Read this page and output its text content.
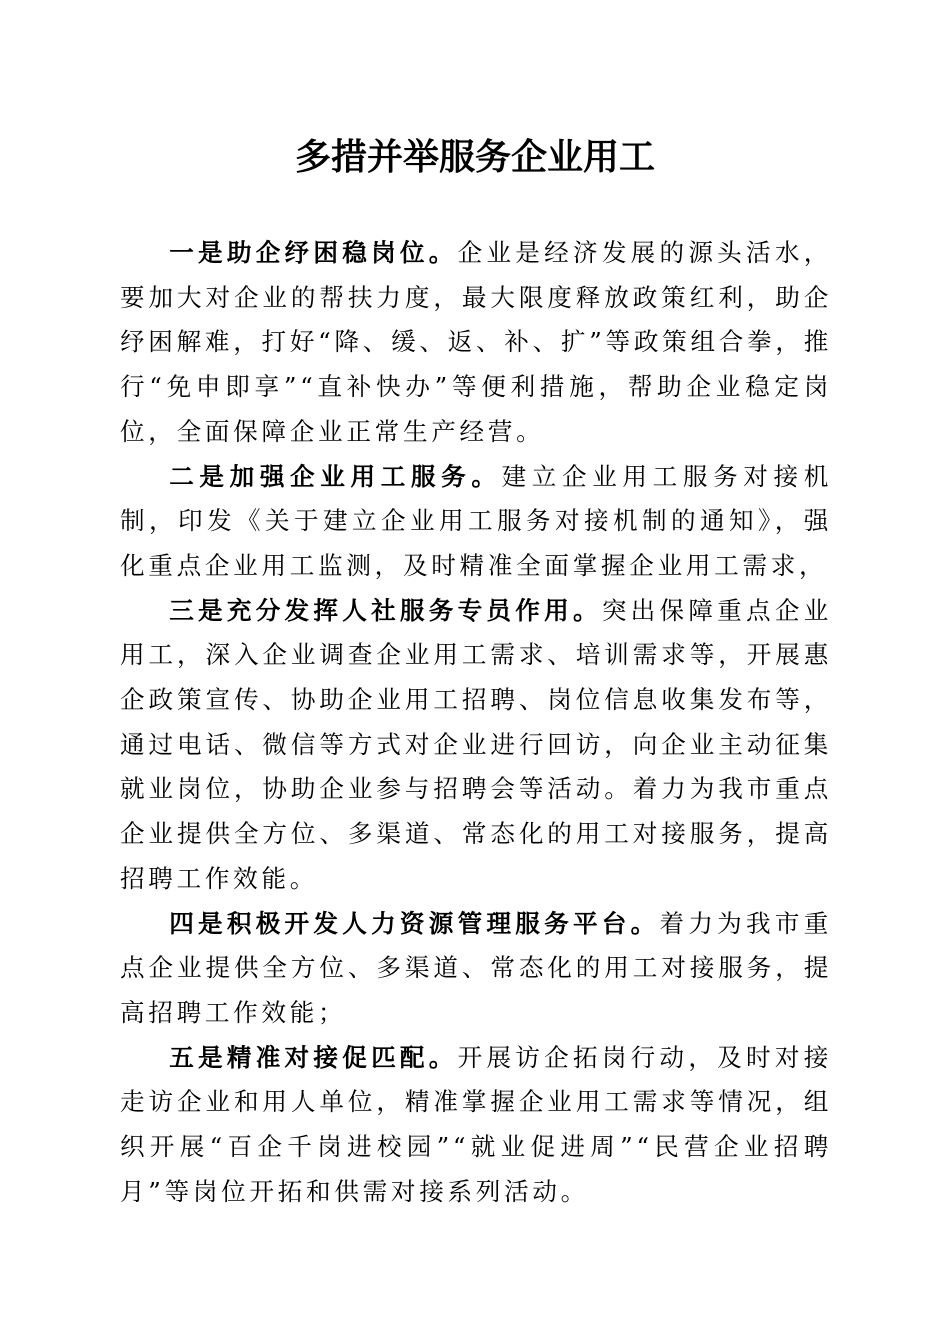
多措并举服务企业用工

一是助企纾困稳岗位。企业是经济发展的源头活水，要加大对企业的帮扶力度，最大限度释放政策红利，助企纾困解难，打好“降、缓、返、补、扩”等政策组合拳，推行“免申即享”“直补快办”等便利措施，帮助企业稳定岗位，全面保障企业正常生产经营。

二是加强企业用工服务。建立企业用工服务对接机制，印发《关于建立企业用工服务对接机制的通知》，强化重点企业用工监测，及时精准全面掌握企业用工需求，

三是充分发挥人社服务专员作用。突出保障重点企业用工，深入企业调查企业用工需求、培训需求等，开展惠企政策宣传、协助企业用工招聘、岗位信息收集发布等，通过电话、微信等方式对企业进行回访，向企业主动征集就业岗位，协助企业参与招聘会等活动。着力为我市重点企业提供全方位、多渠道、常态化的用工对接服务，提高招聘工作效能。

四是积极开发人力资源管理服务平台。着力为我市重点企业提供全方位、多渠道、常态化的用工对接服务，提高招聘工作效能；

五是精准对接促匹配。开展访企拓岗行动，及时对接走访企业和用人单位，精准掌握企业用工需求等情况，组织开展“百企千岗进校园”“就业促进周”“民营企业招聘月”等岗位开拓和供需对接系列活动。
